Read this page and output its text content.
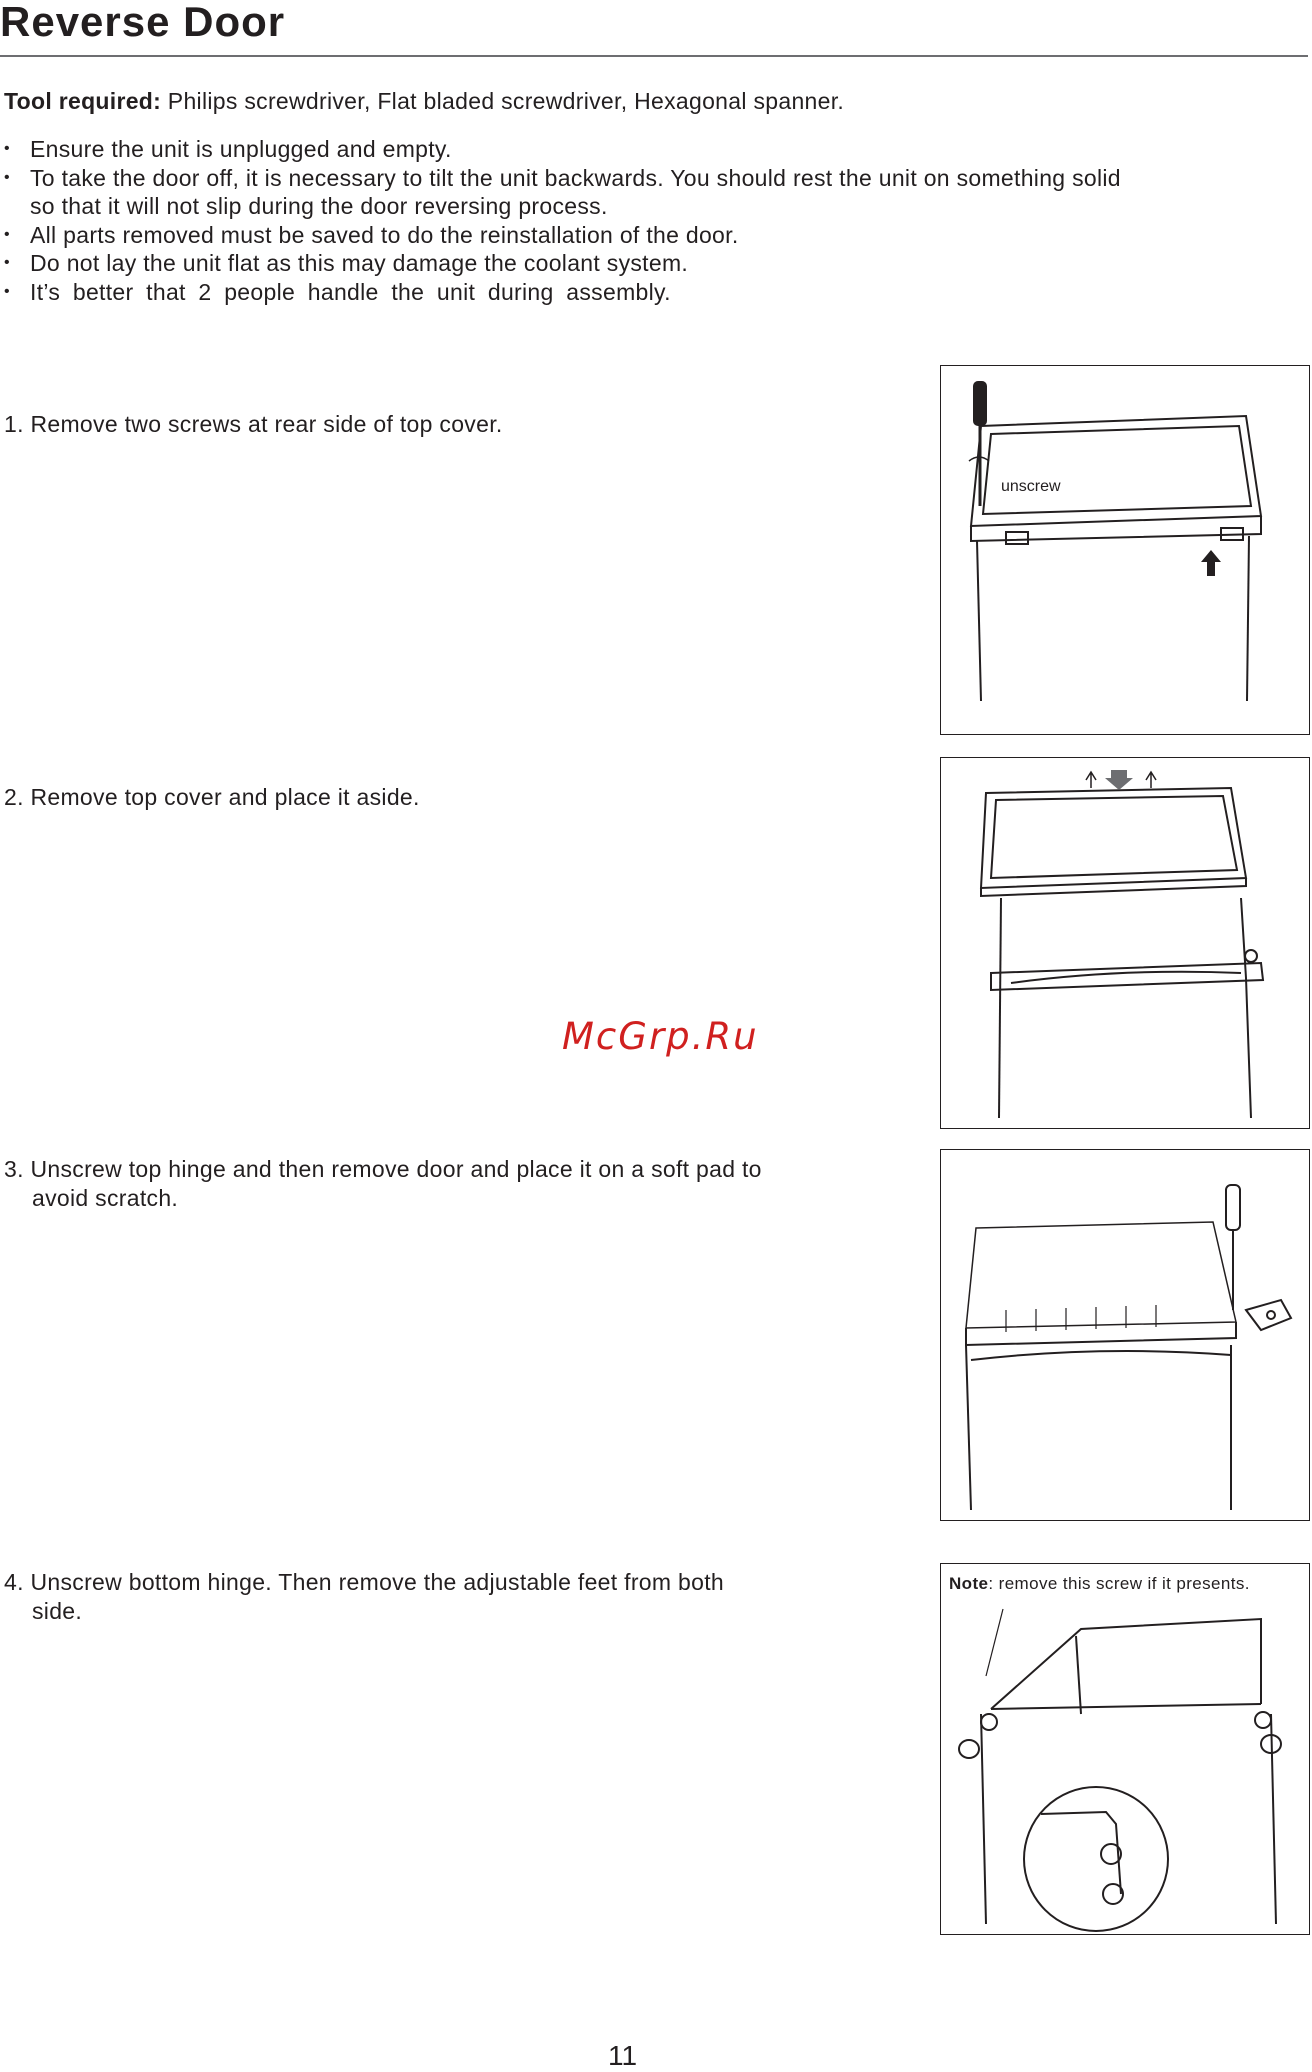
Reverse Door
Tool required: Philips screwdriver, Flat bladed screwdriver, Hexagonal spanner.
• Ensure the unit is unplugged and empty.
• To take the door off, it is necessary to tilt the unit backwards. You should rest the unit on something solid
so that it will not slip during the door reversing process.
• All parts removed must be saved to do the reinstallation of the door.
• Do not lay the unit flat as this may damage the coolant system.
• It’s better that 2 people handle the unit during assembly.
1. Remove two screws at rear side of top cover.
2. Remove top cover and place it aside.
3. Unscrew top hinge and then remove door and place it on a soft pad to
avoid scratch.
4. Unscrew bottom hinge. Then remove the adjustable feet from both
side.
unscrew
Note: remove this screw if it presents.
McGrp.Ru
11
